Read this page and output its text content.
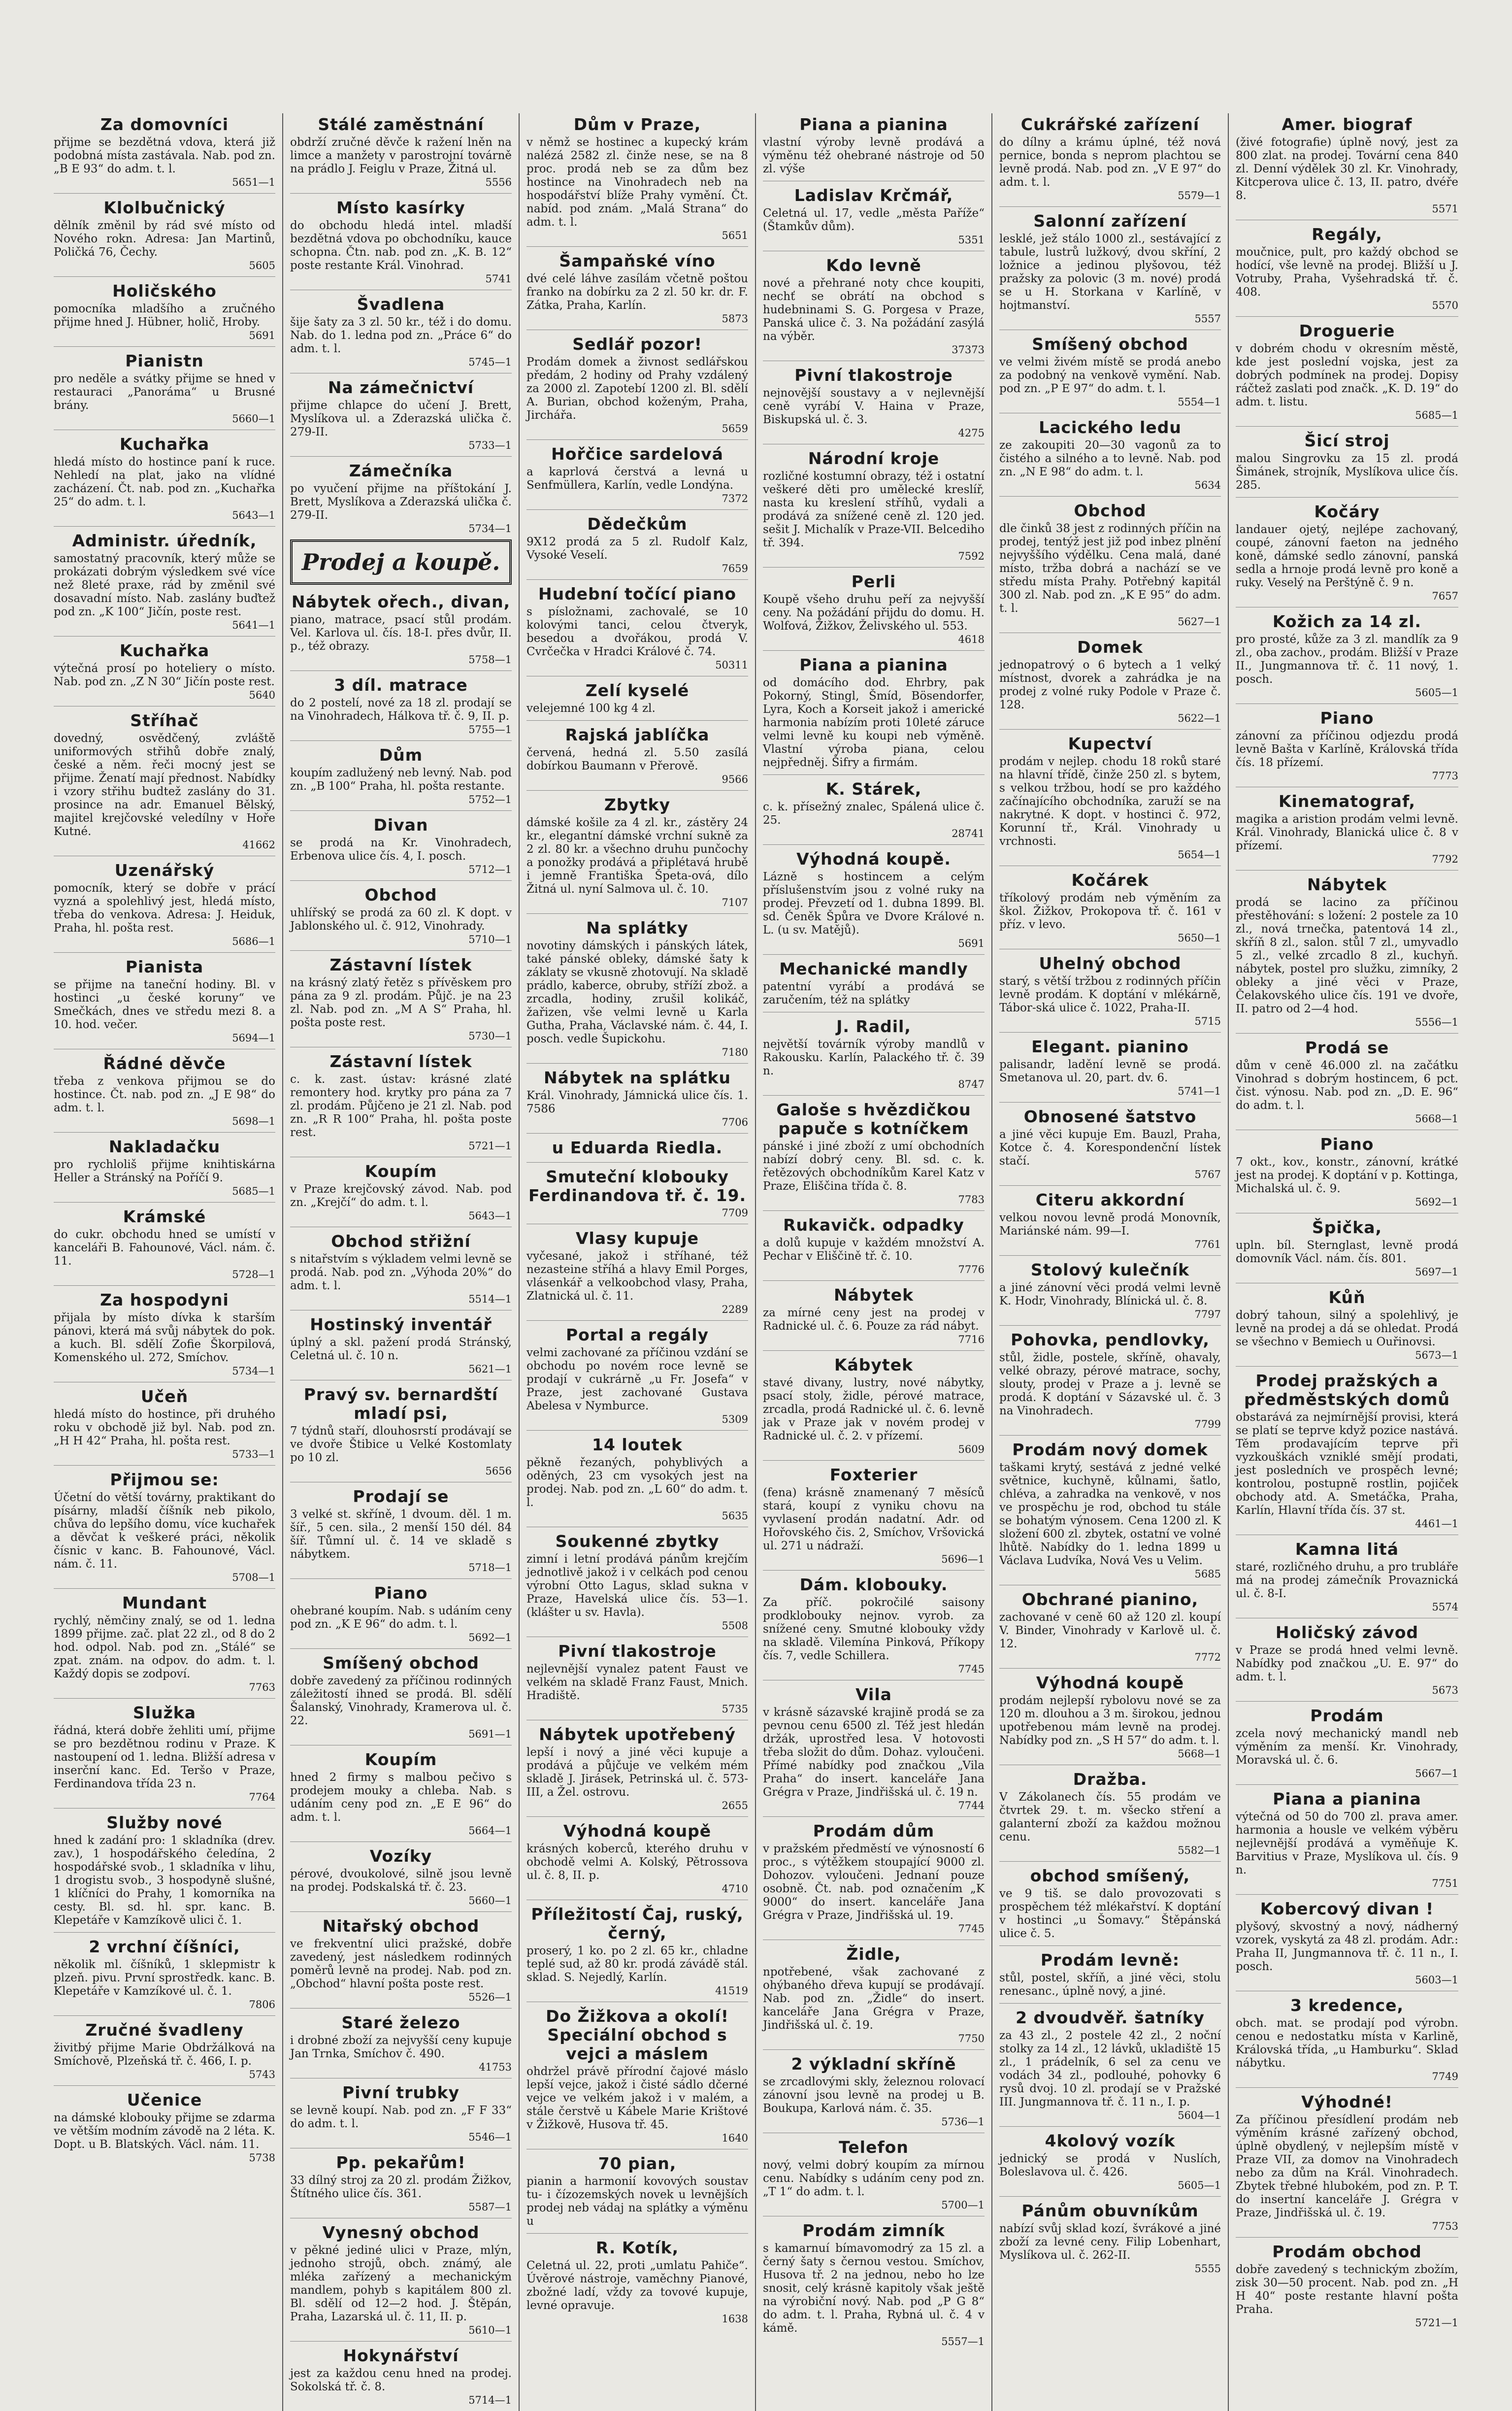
Za domovníci

přijme se bezdětná vdova, která již podobná místa zastávala. Nab. pod zn. „B E 93“ do adm. t. l.

5651—1
Klolbučnický

dělník změnil by rád své místo od Nového rokn. Adresa: Jan Martinů, Poličká 76, Čechy.

5605
Holičského

pomocníka mladšího a zručného přijme hned J. Hübner, holič, Hroby.

5691
Pianistn

pro neděle a svátky přijme se hned v restauraci „Panoráma“ u Brusné brány.

5660—1
Kuchařka

hledá místo do hostince paní k ruce. Nehledí na plat, jako na vlídné zacházení. Čt. nab. pod zn. „Kuchařka 25“ do adm. t. l.

5643—1
Administr. úředník,

samostatný pracovník, který může se prokázati dobrým výsledkem své více než 8leté praxe, rád by změnil své dosavadní místo. Nab. zaslány buďtež pod zn. „K 100“ Jičín, poste rest.

5641—1
Kuchařka

výtečná prosí po hoteliery o místo. Nab. pod zn. „Z N 30“ Jičín poste rest.

5640
Stříhač

dovedný, osvědčený, zvláště uniformových střihů dobře znalý, české a něm. řeči mocný jest se přijme. Ženatí mají přednost. Nabídky i vzory střihu budtež zaslány do 31. prosince na adr. Emanuel Bělský, majitel krejčovské veledílny v Hoře Kutné.

41662
Uzenářský

pomocník, který se dobře v prácí vyzná a spolehlivý jest, hledá místo, třeba do venkova. Adresa: J. Heiduk, Praha, hl. pošta rest.

5686—1
Pianista

se přijme na taneční hodiny. Bl. v hostinci „u české koruny“ ve Smečkách, dnes ve středu mezi 8. a 10. hod. večer.

5694—1
Řádné děvče

třeba z venkova přijmou se do hostince. Čt. nab. pod zn. „J E 98“ do adm. t. l.

5698—1
Nakladačku

pro rychloliš přijme knihtiskárna Heller a Stránský na Poříčí 9.

5685—1
Krámské

do cukr. obchodu hned se umístí v kanceláři B. Fahounové, Václ. nám. č. 11.

5728—1
Za hospodyni

přijala by místo dívka k starším pánovi, která má svůj nábytek do pok. a kuch. Bl. sdělí Zofie Škorpilová, Komenského ul. 272, Smíchov.

5734—1
Učeň

hledá místo do hostince, při druhého roku v obchodě již byl. Nab. pod zn. „H H 42“ Praha, hl. pošta rest.

5733—1
Přijmou se:

Účetní do větší továrny, praktikant do písárny, mladší číšník neb pikolo, chůva do lepšího domu, více kuchařek a děvčat k veškeré práci, několik čísnic v kanc. B. Fahounové, Václ. nám. č. 11.

5708—1
Mundant

rychlý, němčiny znalý, se od 1. ledna 1899 přijme. zač. plat 22 zl., od 8 do 2 hod. odpol. Nab. pod zn. „Stálé“ se zpat. znám. na odpov. do adm. t. l. Každý dopis se zodpoví.

7763
Služka

řádná, která dobře žehliti umí, přijme se pro bezdětnou rodinu v Praze. K nastoupení od 1. ledna. Bližší adresa v inserční kanc. Ed. Teršo v Praze, Ferdinandova třída 23 n.

7764
Služby nové

hned k zadání pro: 1 skladníka (drev. zav.), 1 hospodářského čeledína, 2 hospodářské svob., 1 skladníka v lihu, 1 drogistu svob., 3 hospodyně slušné, 1 klíčníci do Prahy, 1 komorníka na cesty. Bl. sd. hl. spr. kanc. B. Klepetáře v Kamzíkově ulici č. 1.

2 vrchní číšníci,

několik ml. číšníků, 1 sklepmistr k plzeň. pivu. První sprostředk. kanc. B. Klepetáře v Kamzíkové ul. č. 1.

7806
Zručné švadleny

živitbý přijme Marie Obdržálková na Smíchově, Plzeňská tř. č. 466, I. p.

5743
Učenice

na dámské klobouky přijme se zdarma ve větším modním závodě na 2 léta. K. Dopt. u B. Blatských. Václ. nám. 11.

5738
Stálé zaměstnání

obdrží zručné děvče k ražení lněn na limce a manžety v parostrojní továrně na prádlo J. Feiglu v Praze, Žitná ul.

5556
Místo kasírky

do obchodu hledá intel. mladší bezdětná vdova po obchodníku, kauce schopna. Čtn. nab. pod zn. „K. B. 12“ poste restante Král. Vinohrad.

5741
Švadlena

šije šaty za 3 zl. 50 kr., též i do domu. Nab. do 1. ledna pod zn. „Práce 6“ do adm. t. l.

5745—1
Na zámečnictví

přijme chlapce do učení J. Brett, Myslíkova ul. a Zderazská ulička č. 279-II.

5733—1
Zámečníka

po vyučení přijme na příštokání J. Brett, Myslíkova a Zderazská ulička č. 279-II.

5734—1
Prodej a koupě.
Nábytek ořech., divan,

piano, matrace, psací stůl prodám. Vel. Karlova ul. čís. 18-I. přes dvůr, II. p., též obrazy.

5758—1
3 díl. matrace

do 2 postelí, nové za 18 zl. prodají se na Vinohradech, Hálkova tř. č. 9, II. p.

5755—1
Dům

koupím zadlužený neb levný. Nab. pod zn. „B 100“ Praha, hl. pošta restante.

5752—1
Divan

se prodá na Kr. Vinohradech, Erbenova ulice čís. 4, I. posch.

5712—1
Obchod

uhlířský se prodá za 60 zl. K dopt. v Jablonského ul. č. 912, Vinohrady.

5710—1
Zástavní lístek

na krásný zlatý řetěz s přívěskem pro pána za 9 zl. prodám. Půjč. je na 23 zl. Nab. pod zn. „M A S“ Praha, hl. pošta poste rest.

5730—1
Zástavní lístek

c. k. zast. ústav: krásné zlaté remontery hod. krytky pro pána za 7 zl. prodám. Půjčeno je 21 zl. Nab. pod zn. „R R 100“ Praha, hl. pošta poste rest.

5721—1
Koupím

v Praze krejčovský závod. Nab. pod zn. „Krejčí“ do adm. t. l.

5643—1
Obchod střižní

s nitařstvím s výkladem velmi levně se prodá. Nab. pod zn. „Výhoda 20%“ do adm. t. l.

5514—1
Hostinský inventář

úplný a skl. pažení prodá Stránský, Celetná ul. č. 10 n.

5621—1
Pravý sv. bernardští mladí psi,

7 týdnů staří, dlouhosrstí prodávají se ve dvoře Štibice u Velké Kostomlaty po 10 zl.

5656
Prodají se

3 velké st. skříně, 1 dvoum. děl. 1 m. šíř., 5 cen. sila., 2 menší 150 dél. 84 šíř. Tůmní ul. č. 14 ve skladě s nábytkem.

5718—1
Piano

ohebrané koupím. Nab. s udáním ceny pod zn. „K E 96“ do adm. t. l.

5692—1
Smíšený obchod

dobře zavedený za příčinou rodinných záležitostí ihned se prodá. Bl. sdělí Šalanský, Vinohrady, Kramerova ul. č. 22.

5691—1
Koupím

hned 2 firmy s malbou pečivo s prodejem mouky a chleba. Nab. s udáním ceny pod zn. „E E 96“ do adm. t. l.

5664—1
Vozíky

pérové, dvoukolové, silně jsou levně na prodej. Podskalská tř. č. 23.

5660—1
Nitařský obchod

ve frekventní ulici pražské, dobře zavedený, jest následkem rodinných poměrů levně na prodej. Nab. pod zn. „Obchod“ hlavní pošta poste rest.

5526—1
Staré železo

i drobné zboží za nejvyšší ceny kupuje Jan Trnka, Smíchov č. 490.

41753
Pivní trubky

se levně koupí. Nab. pod zn. „F F 33“ do adm. t. l.

5546—1
Pp. pekařům!

33 dílný stroj za 20 zl. prodám Žižkov, Štítného ulice čís. 361.

5587—1
Vynesný obchod

v pěkné jediné ulici v Praze, mlýn, jednoho strojů, obch. známý, ale mléka zařízený a mechanickým mandlem, pohyb s kapitálem 800 zl. Bl. sdělí od 12—2 hod. J. Štěpán, Praha, Lazarská ul. č. 11, II. p.

5610—1
Hokynářství

jest za každou cenu hned na prodej. Sokolská tř. č. 8.

5714—1
Dům v Praze,

v němž se hostinec a kupecký krám nalézá 2582 zl. činže nese, se na 8 proc. prodá neb se za dům bez hostince na Vinohradech neb na hospodářství blíže Prahy vymění. Čt. nabíd. pod znám. „Malá Strana“ do adm. t. l.

5651
Šampaňské víno

dvé celé láhve zasílám včetně poštou franko na dobírku za 2 zl. 50 kr. dr. F. Zátka, Praha, Karlín.

5873
Sedlář pozor!

Prodám domek a živnost sedlářskou předám, 2 hodiny od Prahy vzdálený za 2000 zl. Zapotebí 1200 zl. Bl. sdělí A. Burian, obchod koženým, Praha, Jirchářa.

5659
Hořčice sardelová

a kaprlová čerstvá a levná u Senfmüllera, Karlín, vedle Londýna.

7372
Dědečkům

9X12 prodá za 5 zl. Rudolf Kalz, Vysoké Veselí.

7659
Hudební točící piano

s písložnami, zachovalé, se 10 kolovými tanci, celou čtveryk, besedou a dvořákou, prodá V. Cvrčečka v Hradci Králové č. 74.

50311
Zelí kyselé

velejemné 100 kg 4 zl.

Rajská jablíčka

červená, hedná zl. 5.50 zasílá dobírkou Baumann v Přerově.

9566
Zbytky

dámské košile za 4 zl. kr., zástěry 24 kr., elegantní dámské vrchní sukně za 2 zl. 80 kr. a všechno druhu punčochy a ponožky prodává a připlétavá hrubě i jemně Františka Špeta-ová, dílo Žitná ul. nyní Salmova ul. č. 10.

7107
Na splátky

novotiny dámských i pánských látek, také pánské obleky, dámské šaty k záklaty se vkusně zhotovují. Na skladě prádlo, kaberce, obruby, stříží zbož. a zrcadla, hodiny, zrušil kolikáč, žařizen, vše velmi levně u Karla Gutha, Praha, Václavské nám. č. 44, I. posch. vedle Šupickohu.

7180
Nábytek na splátku

Král. Vinohrady, Jámnická ulice čís. 1. 7586

7706
u Eduarda Riedla.
Smuteční klobouky Ferdinandova tř. č. 19.
7709
Vlasy kupuje

vyčesané, jakož i stříhané, též nezasteine stříhá a hlavy Emil Porges, vlásenkář a velkoobchod vlasy, Praha, Zlatnická ul. č. 11.

2289
Portal a regály

velmi zachované za příčinou vzdání se obchodu po novém roce levně se prodají v cukrárně „u Fr. Josefa“ v Praze, jest zachované Gustava Abelesa v Nymburce.

5309
14 loutek

pěkně řezaných, pohyblivých a oděných, 23 cm vysokých jest na prodej. Nab. pod zn. „L 60“ do adm. t. l.

5635
Soukenné zbytky

zimní i letní prodává pánům krejčím jednotlivě jakož i v celkách pod cenou výrobní Otto Lagus, sklad sukna v Praze, Havelská ulice čís. 53—1. (klášter u sv. Havla).

5508
Pivní tlakostroje

nejlevnější vynalez patent Faust ve velkém na skladě Franz Faust, Mnich. Hradiště.

5735
Nábytek upotřebený

lepší i nový a jiné věci kupuje a prodává a půjčuje ve velkém mém skladě J. Jirásek, Petrinská ul. č. 573-III, a Žel. ostrovu.

2655
Výhodná koupě

krásných koberců, kterého druhu v obchodě velmi A. Kolský, Pětrossova ul. č. 8, II. p.

4710
Příležitostí Čaj, ruský, černý,

proserý, 1 ko. po 2 zl. 65 kr., chladne teplé sud, až 80 kr. prodá závádě stál. sklad. S. Nejedlý, Karlín.

41519
Do Žižkova a okolí! Speciální obchod s vejci a máslem

ohdržel právě přírodní čajové máslo lepší vejce, jakož i čisté sádlo dčerné vejce ve velkém jakož i v malém, a stále čerstvě u Kábele Marie Krištové v Žižkově, Husova tř. 45.

1640
70 pian,

pianin a harmonií kovových soustav tu- i čízozemských novek u levnějších prodej neb vádaj na splátky a výměnu u

R. Kotík,

Celetná ul. 22, proti „umlatu Pahiče“. Úvěrové nástroje, vaměchny Pianové, zbožné ladí, vždy za tovové kupuje, levné opravuje.

1638
Piana a pianina

vlastní výroby levně prodává a výměnu též ohebrané nástroje od 50 zl. výše

Ladislav Krčmář,

Celetná ul. 17, vedle „města Paříže“ (Štamkův dům).

5351
Kdo levně

nové a přehrané noty chce koupiti, nechť se obrátí na obchod s hudebninami S. G. Porgesa v Praze, Panská ulice č. 3. Na požádání zasýlá na výběr.

37373
Pivní tlakostroje

nejnovější soustavy a v nejlevnější ceně vyrábí V. Haina v Praze, Biskupská ul. č. 3.

4275
Národní kroje

rozličné kostumní obrazy, též i ostatní veškeré děti pro umělecké kreslíř, nasta ku kreslení stříhů, vydali a prodává za snížené ceně zl. 120 jed. sešit J. Michalík v Praze-VII. Belcediho tř. 394.

7592
Perli

Koupě všeho druhu peří za nejvyšší ceny. Na požádání přijdu do domu. H. Wolfová, Žižkov, Želivského ul. 553.

4618
Piana a pianina

od domácího dod. Ehrbry, pak Pokorný, Stingl, Šmíd, Bösendorfer, Lyra, Koch a Korseit jakož i americké harmonia nabízím proti 10leté záruce velmi levně ku koupi neb výměně. Vlastní výroba piana, celou nejpředněj. Šifry a firmám.

K. Stárek,

c. k. přísežný znalec, Spálená ulice č. 25.

28741
Výhodná koupě.

Lázně s hostincem a celým příslušenstvím jsou z volné ruky na prodej. Převzetí od 1. dubna 1899. Bl. sd. Čeněk Špůra ve Dvore Králové n. L. (u sv. Matějů).

5691
Mechanické mandly

patentní vyrábí a prodává se zaručením, též na splátky

J. Radil,

největší továrník výroby mandlů v Rakousku. Karlín, Palackého tř. č. 39 n.

8747
Galoše s hvězdičkou papuče s kotníčkem

pánské i jiné zboží z umí obchodních nabízí dobrý ceny. Bl. sd. c. k. řetězových obchodníkům Karel Katz v Praze, Eliščina třída č. 8.

7783
Rukavičk. odpadky

a dolů kupuje v každém množství A. Pechar v Eliščině tř. č. 10.

7776
Nábytek

za mírné ceny jest na prodej v Radnické ul. č. 6. Pouze za rád nábyt.

7716
Kábytek

stavé divany, lustry, nové nábytky, psací stoly, židle, pérové matrace, zrcadla, prodá Radnické ul. č. 6. levně jak v Praze jak v novém prodej v Radnické ul. č. 2. v přízemí.

5609
Foxterier

(fena) krásně znamenaný 7 měsíců stará, koupí z vyniku chovu na vyvlasení prodán nadatní. Adr. od Hořovského čis. 2, Smíchov, Vršovická ul. 271 u nádraží.

5696—1
Dám. klobouky.

Za příč. pokročilé saisony prodklobouky nejnov. vyrob. za snížené ceny. Smutné klobouky vždy na skladě. Vilemína Pinková, Příkopy čís. 7, vedle Schillera.

7745
Vila

v krásně sázavské krajině prodá se za pevnou cenu 6500 zl. Též jest hledán držák, uprostřed lesa. V hotovosti třeba složit do dům. Dohaz. vyloučeni. Přímé nabídky pod značkou „Vila Praha“ do insert. kanceláře Jana Grégra v Praze, Jindřišská ul. č. 19 n.

7744
Prodám dům

v pražském předměstí ve výnosností 6 proc., s výtěžkem stoupající 9000 zl. Dohozov. vyloučeni. Jednaní pouze osobně. Čt. nab. pod označením „K 9000“ do insert. kanceláře Jana Grégra v Praze, Jindřišská ul. 19.

7745
Židle,

npotřebené, však zachované z ohýbaného dřeva kupují se prodávají. Nab. pod zn. „Židle“ do insert. kanceláře Jana Grégra v Praze, Jindřišská ul. č. 19.

7750
2 výkladní skříně

se zrcadlovými skly, železnou rolovací zánovní jsou levně na prodej u B. Boukupa, Karlová nám. č. 35.

5736—1
Telefon

nový, velmi dobrý koupím za mírnou cenu. Nabídky s udáním ceny pod zn. „T 1“ do adm. t. l.

5700—1
Prodám zimník

s kamarnuí bímavomodrý za 15 zl. a černý šaty s černou vestou. Smíchov, Husova tř. 2 na jednou, nebo ho lze snosit, celý krásně kapitoly však ještě na výrobiční nový. Nab. pod „P G 8“ do adm. t. l. Praha, Rybná ul. č. 4 v kámě.

5557—1
Cukrářské zařízení

do dílny a krámu úplné, též nová pernice, bonda s neprom plachtou se levně prodá. Nab. pod zn. „V E 97“ do adm. t. l.

5579—1
Salonní zařízení

lesklé, jež stálo 1000 zl., sestávající z tabule, lustrů lužkový, dvou skříní, 2 ložnice a jedinou plyšovou, též pražsky za polovic (3 m. nové) prodá se u H. Storkana v Karlíně, v hojtmanství.

5557
Smíšený obchod

ve velmi živém místě se prodá anebo za podobný na venkově vymění. Nab. pod zn. „P E 97“ do adm. t. l.

5554—1
Lacického ledu

ze zakoupiti 20—30 vagonů za to čistého a silného a to levně. Nab. pod zn. „N E 98“ do adm. t. l.

5634
Obchod

dle činků 38 jest z rodinných příčin na prodej, tentýž jest již pod inbez plnění nejvyššího výdělku. Cena malá, dané místo, tržba dobrá a nachází se ve středu místa Prahy. Potřebný kapitál 300 zl. Nab. pod zn. „K E 95“ do adm. t. l.

5627—1
Domek

jednopatrový o 6 bytech a 1 velký místnost, dvorek a zahrádka je na prodej z volné ruky Podole v Praze č. 128.

5622—1
Kupectví

prodám v nejlep. chodu 18 roků staré na hlavní třídě, činže 250 zl. s bytem, s velkou tržbou, hodí se pro každého začínajícího obchodníka, zaruží se na nakrytné. K dopt. v hostinci č. 972, Korunní tř., Král. Vinohrady u vrchnosti.

5654—1
Kočárek

tříkolový prodám neb výměním za škol. Žižkov, Prokopova tř. č. 161 v příz. v levo.

5650—1
Uhelný obchod

starý, s větší tržbou z rodinných příčin levně prodám. K doptání v mlékárně, Tábor-ská ulice č. 1022, Praha-II.

5715
Elegant. pianino

palisandr, ladění levně se prodá. Smetanova ul. 20, part. dv. 6.

5741—1
Obnosené šatstvo

a jiné věci kupuje Em. Bauzl, Praha, Kotce č. 4. Korespondenční lístek stačí.

5767
Citeru akkordní

velkou novou levně prodá Monovník, Mariánské nám. 99—I.

7761
Stolový kulečník

a jiné zánovní věci prodá velmi levně K. Hodr, Vinohrady, Blínická ul. č. 8.

7797
Pohovka, pendlovky,

stůl, židle, postele, skříně, ohavaly, velké obrazy, pérové matrace, sochy, slouty, prodej v Praze a j. levně se prodá. K doptání v Sázavské ul. č. 3 na Vinohradech.

7799
Prodám nový domek

taškami krytý, sestává z jedné velké světnice, kuchyně, kůlnami, šatlo, chléva, a zahradka na venkově, v nos ve prospěchu je rod, obchod tu stále se bohatým výnosem. Cena 1200 zl. K složení 600 zl. zbytek, ostatní ve volné lhůtě. Nabídky do 1. ledna 1899 u Václava Ludvíka, Nová Ves u Velim.

5685
Obchrané pianino,

zachované v ceně 60 až 120 zl. koupí V. Binder, Vinohrady v Karlově ul. č. 12.

7772
Výhodná koupě

prodám nejlepší rybolovu nové se za 120 m. dlouhou a 3 m. širokou, jednou upotřebenou mám levně na prodej. Nabídky pod zn. „S H 57“ do adm. t. l.

5668—1
Dražba.

V Zákolanech čís. 55 prodám ve čtvrtek 29. t. m. všecko stření a galanterní zboží za každou možnou cenu.

5582—1
obchod smíšený,

ve 9 tiš. se dalo provozovati s prospěchem též mlékařství. K doptání v hostinci „u Šomavy.“ Štěpánská ulice č. 5.

Prodám levně:

stůl, postel, skříň, a jiné věci, stolu renesanc., úplně nový, a jiné.

2 dvoudvěř. šatníky

za 43 zl., 2 postele 42 zl., 2 noční stolky za 14 zl., 12 lávků, ukladiště 15 zl., 1 prádelník, 6 sel za cenu ve vodách 34 zl., podlouhé, pohovky 6 rysů dvoj. 10 zl. prodají se v Pražské III. Jungmannova tř. č. 11 n., I. p.

5604—1
4kolový vozík

jednický se prodá v Nuslích, Boleslavova ul. č. 426.

5605—1
Pánům obuvníkům

nabízí svůj sklad kozí, švrákové a jiné zboží za levné ceny. Filip Lobenhart, Myslíkova ul. č. 262-II.

5555
Amer. biograf

(živé fotografie) úplně nový, jest za 800 zlat. na prodej. Tovární cena 840 zl. Denní výdělek 30 zl. Kr. Vinohrady, Kitcperova ulice č. 13, II. patro, dvéře 8.

5571
Regály,

moučnice, pult, pro každý obchod se hodící, vše levně na prodej. Bližší u J. Votruby, Praha, Vyšehradská tř. č. 408.

5570
Droguerie

v dobrém chodu v okresním městě, kde jest poslední vojska, jest za dobrých podmínek na prodej. Dopisy ráčtež zaslati pod značk. „K. D. 19“ do adm. t. listu.

5685—1
Šicí stroj

malou Singrovku za 15 zl. prodá Šimánek, strojník, Myslíkova ulice čís. 285.

Kočáry

landauer ojetý, nejlépe zachovaný, coupé, zánovní faeton na jedného koně, dámské sedlo zánovní, panská sedla a hrnoje prodá levně pro koně a ruky. Veselý na Perštýně č. 9 n.

7657
Kožich za 14 zl.

pro prosté, kůže za 3 zl. mandlík za 9 zl., oba zachov., prodám. Bližší v Praze II., Jungmannova tř. č. 11 nový, 1. posch.

5605—1
Piano

zánovní za příčinou odjezdu prodá levně Bašta v Karlíně, Královská třída čís. 18 přízemí.

7773
Kinematograf,

magika a aristion prodám velmi levně. Král. Vinohrady, Blanická ulice č. 8 v přízemí.

7792
Nábytek

prodá se lacino za příčinou přestěhování: s ložení: 2 postele za 10 zl., nová trnečka, patentová 14 zl., skříň 8 zl., salon. stůl 7 zl., umyvadlo 5 zl., velké zrcadlo 8 zl., kuchyň. nábytek, postel pro služku, zimníky, 2 obleky a jiné věci v Praze, Čelakovského ulice čís. 191 ve dvoře, II. patro od 2—4 hod.

5556—1
Prodá se

dům v ceně 46.000 zl. na začátku Vinohrad s dobrým hostincem, 6 pct. čist. výnosu. Nab. pod zn. „D. E. 96“ do adm. t. l.

5668—1
Piano

7 okt., kov., konstr., zánovní, krátké jest na prodej. K doptání v p. Kottinga, Michalská ul. č. 9.

5692—1
Špička,

upln. bíl. Sternglast, levně prodá domovník Václ. nám. čís. 801.

5697—1
Kůň

dobrý tahoun, silný a spolehlivý, je levně na prodej a dá se ohledat. Prodá se všechno v Bemiech u Ouřinovsi.

5673—1
Prodej pražských a předměstských domů

obstarává za nejmírnější provisi, která se platí se teprve když pozice nastává. Těm prodavajícím teprve při vyzkouškách vzniklé smějí prodati, jest posledních ve prospěch levné; kontrolou, postupně rostlin, pojiček obchody atd. A. Smetáčka, Praha, Karlín, Hlavní třída čís. 37 st.

4461—1
Kamna litá

staré, rozličného druhu, a pro trubláře má na prodej zámečník Provaznická ul. č. 8-I.

5574
Holičský závod

v Praze se prodá hned velmi levně. Nabídky pod značkou „U. E. 97“ do adm. t. l.

5673
Prodám

zcela nový mechanický mandl neb výměním za menší. Kr. Vinohrady, Moravská ul. č. 6.

5667—1
Piana a pianina

výtečná od 50 do 700 zl. prava amer. harmonia a housle ve velkém výběru nejlevnější prodává a vyměňuje K. Barvitius v Praze, Myslíkova ul. čís. 9 n.

7751
Kobercový divan !

plyšový, skvostný a nový, nádherný vzorek, vyskytá za 48 zl. prodám. Adr.: Praha II, Jungmannova tř. č. 11 n., I. posch.

5603—1
3 kredence,

obch. mat. se prodají pod výrobn. cenou e nedostatku místa v Karlině, Královská třída, „u Hamburku“. Sklad nábytku.

7749
Výhodné!

Za příčinou přesídlení prodám neb výměním krásné zařízený obchod, úplně obydlený, v nejlepším místě v Praze VII, za domov na Vinohradech nebo za dům na Král. Vinohradech. Zbytek třebné hlubokém, pod zn. P. T. do insertní kanceláře J. Grégra v Praze, Jindřišská ul. č. 19.

7753
Prodám obchod

dobře zavedený s technickým zbožím, zisk 30—50 procent. Nab. pod zn. „H H 40“ poste restante hlavní pošta Praha.

5721—1
